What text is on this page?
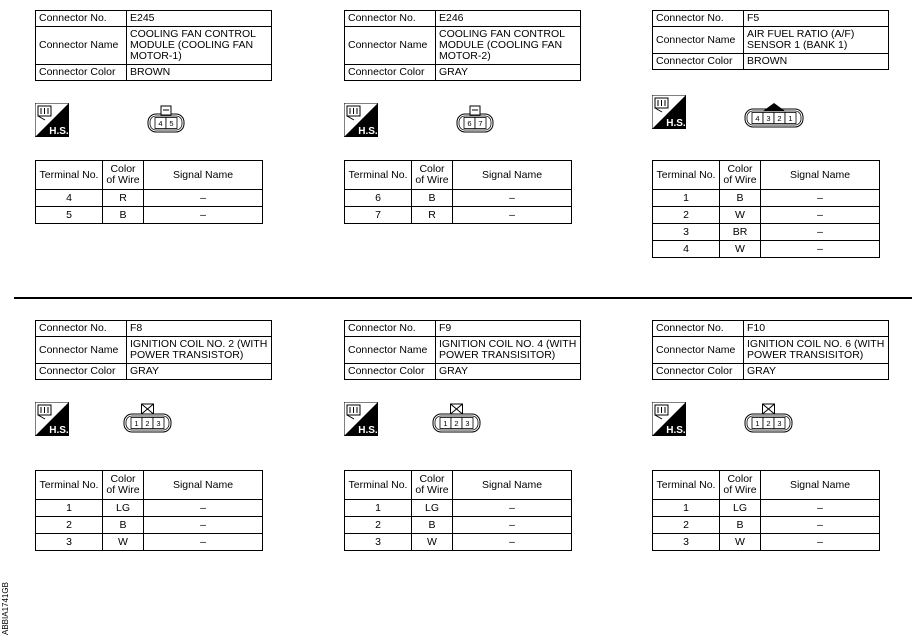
Connector No.	E245
Connector Name	COOLING FAN CONTROL MODULE (COOLING FAN MOTOR-1)
Connector Color	BROWN
H.S.
4 5
Terminal No.	Color of Wire	Signal Name
4	R	–
5	B	–
Connector No.	E246
Connector Name	COOLING FAN CONTROL MODULE (COOLING FAN MOTOR-2)
Connector Color	GRAY
H.S.
6 7
Terminal No.	Color of Wire	Signal Name
6	B	–
7	R	–
Connector No.	F5
Connector Name	AIR FUEL RATIO (A/F) SENSOR 1 (BANK 1)
Connector Color	BROWN
H.S.	4 3 2 1
Terminal No.	Color of Wire	Signal Name
1	B	–
2	W	–
3	BR	–
4	W	–
Connector No.	F8
Connector Name	IGNITION COIL NO. 2 (WITH POWER TRANSISTOR)
Connector Color	GRAY
H.S.
1 2 3
Terminal No.	Color of Wire	Signal Name
1	LG	–
2	B	–
3	W	–
Connector No.	F9
Connector Name	IGNITION COIL NO. 4 (WITH POWER TRANSISITOR)
Connector Color	GRAY
H.S.
1 2 3
Terminal No.	Color of Wire	Signal Name
1	LG	–
2	B	–
3	W	–
Connector No.	F10
Connector Name	IGNITION COIL NO. 6 (WITH POWER TRANSISITOR)
Connector Color	GRAY
H.S.
1 2 3
Terminal No.	Color of Wire	Signal Name
1	LG	–
2	B	–
3	W	–
ABBIA1741GB
